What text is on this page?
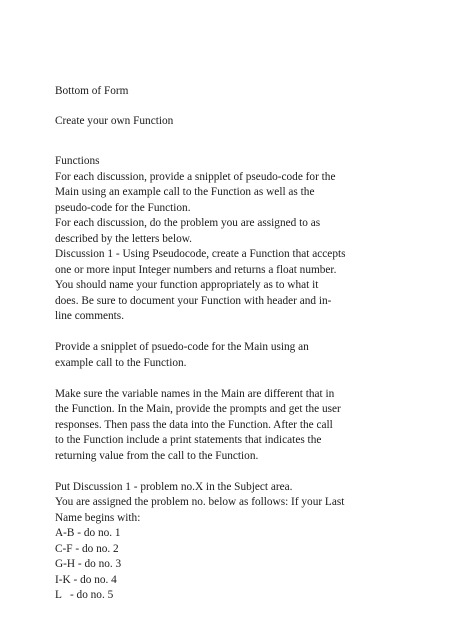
Bottom of Form
Create your own Function
Functions
For each discussion, provide a snipplet of pseudo-code for the
Main using an example call to the Function as well as the
pseudo-code for the Function.
For each discussion, do the problem you are assigned to as
described by the letters below.
Discussion 1 - Using Pseudocode, create a Function that accepts
one or more input Integer numbers and returns a float number.
You should name your function appropriately as to what it
does. Be sure to document your Function with header and in-
line comments.
Provide a snipplet of psuedo-code for the Main using an
example call to the Function.
Make sure the variable names in the Main are different that in
the Function. In the Main, provide the prompts and get the user
responses. Then pass the data into the Function. After the call
to the Function include a print statements that indicates the
returning value from the call to the Function.
Put Discussion 1 - problem no.X in the Subject area.
You are assigned the problem no. below as follows: If your Last
Name begins with:
A-B - do no. 1
C-F - do no. 2
G-H - do no. 3
I-K - do no. 4
L   - do no. 5
